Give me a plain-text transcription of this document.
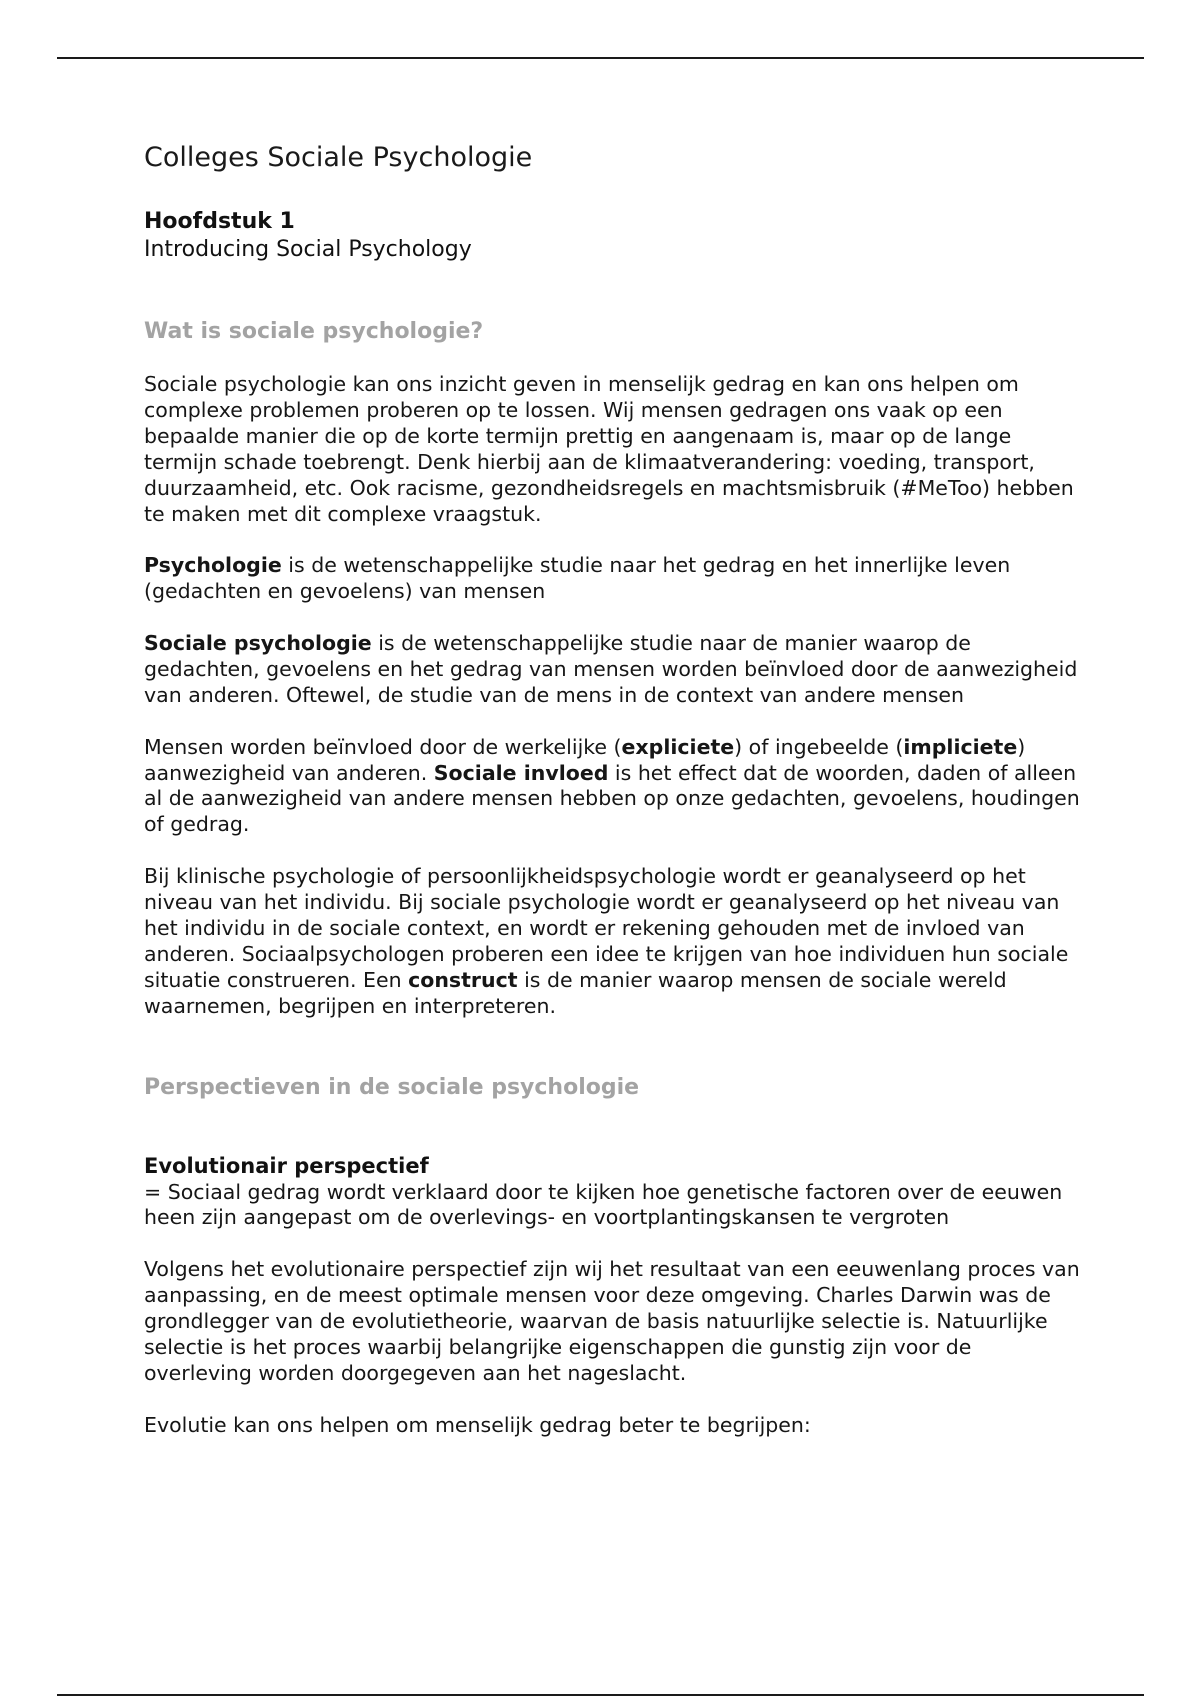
Colleges Sociale Psychologie
Hoofdstuk 1
Introducing Social Psychology
Wat is sociale psychologie?

Sociale psychologie kan ons inzicht geven in menselijk gedrag en kan ons helpen om complexe problemen proberen op te lossen. Wij mensen gedragen ons vaak op een bepaalde manier die op de korte termijn prettig en aangenaam is, maar op de lange termijn schade toebrengt. Denk hierbij aan de klimaatverandering: voeding, transport, duurzaamheid, etc. Ook racisme, gezondheidsregels en machtsmisbruik (#MeToo) hebben te maken met dit complexe vraagstuk.

Psychologie is de wetenschappelijke studie naar het gedrag en het innerlijke leven (gedachten en gevoelens) van mensen

Sociale psychologie is de wetenschappelijke studie naar de manier waarop de gedachten, gevoelens en het gedrag van mensen worden beïnvloed door de aanwezigheid van anderen. Oftewel, de studie van de mens in de context van andere mensen

Mensen worden beïnvloed door de werkelijke (expliciete) of ingebeelde (impliciete) aanwezigheid van anderen. Sociale invloed is het effect dat de woorden, daden of alleen al de aanwezigheid van andere mensen hebben op onze gedachten, gevoelens, houdingen of gedrag.

Bij klinische psychologie of persoonlijkheidspsychologie wordt er geanalyseerd op het niveau van het individu. Bij sociale psychologie wordt er geanalyseerd op het niveau van het individu in de sociale context, en wordt er rekening gehouden met de invloed van anderen. Sociaalpsychologen proberen een idee te krijgen van hoe individuen hun sociale situatie construeren. Een construct is de manier waarop mensen de sociale wereld waarnemen, begrijpen en interpreteren.

Perspectieven in de sociale psychologie
Evolutionair perspectief

= Sociaal gedrag wordt verklaard door te kijken hoe genetische factoren over de eeuwen heen zijn aangepast om de overlevings- en voortplantingskansen te vergroten

Volgens het evolutionaire perspectief zijn wij het resultaat van een eeuwenlang proces van aanpassing, en de meest optimale mensen voor deze omgeving. Charles Darwin was de grondlegger van de evolutietheorie, waarvan de basis natuurlijke selectie is. Natuurlijke selectie is het proces waarbij belangrijke eigenschappen die gunstig zijn voor de overleving worden doorgegeven aan het nageslacht.

Evolutie kan ons helpen om menselijk gedrag beter te begrijpen:
